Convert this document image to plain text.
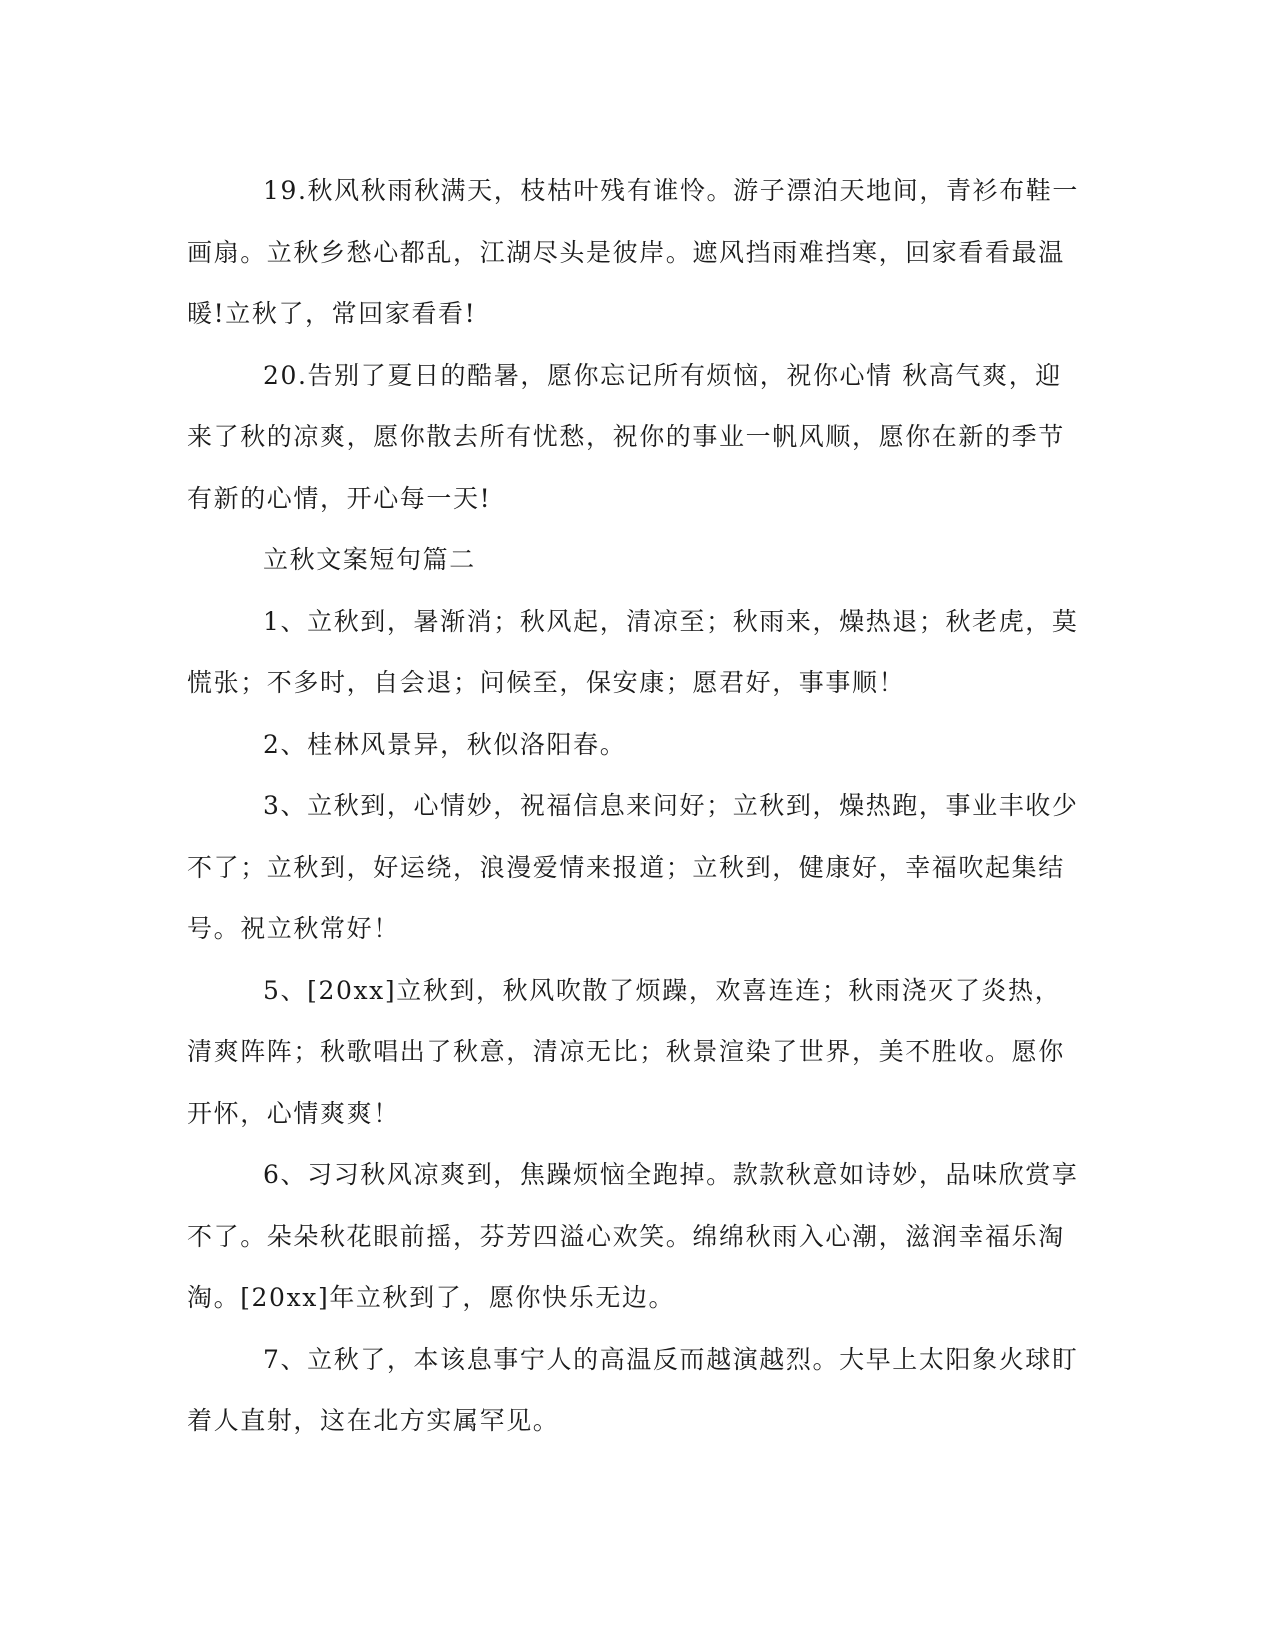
19.秋风秋雨秋满天，枝枯叶残有谁怜。游子漂泊天地间，青衫布鞋一画扇。立秋乡愁心都乱，江湖尽头是彼岸。遮风挡雨难挡寒，回家看看最温暖!立秋了，常回家看看!

20.告别了夏日的酷暑，愿你忘记所有烦恼，祝你心情 秋高气爽，迎来了秋的凉爽，愿你散去所有忧愁，祝你的事业一帆风顺，愿你在新的季节有新的心情，开心每一天!

立秋文案短句篇二

1、立秋到，暑渐消；秋风起，清凉至；秋雨来，燥热退；秋老虎，莫慌张；不多时，自会退；问候至，保安康；愿君好，事事顺！

2、桂林风景异，秋似洛阳春。

3、立秋到，心情妙，祝福信息来问好；立秋到，燥热跑，事业丰收少不了；立秋到，好运绕，浪漫爱情来报道；立秋到，健康好，幸福吹起集结号。祝立秋常好！

5、[20xx]立秋到，秋风吹散了烦躁，欢喜连连；秋雨浇灭了炎热，清爽阵阵；秋歌唱出了秋意，清凉无比；秋景渲染了世界，美不胜收。愿你开怀，心情爽爽！

6、习习秋风凉爽到，焦躁烦恼全跑掉。款款秋意如诗妙，品味欣赏享不了。朵朵秋花眼前摇，芬芳四溢心欢笑。绵绵秋雨入心潮，滋润幸福乐淘淘。[20xx]年立秋到了，愿你快乐无边。

7、立秋了，本该息事宁人的高温反而越演越烈。大早上太阳象火球盯着人直射，这在北方实属罕见。
